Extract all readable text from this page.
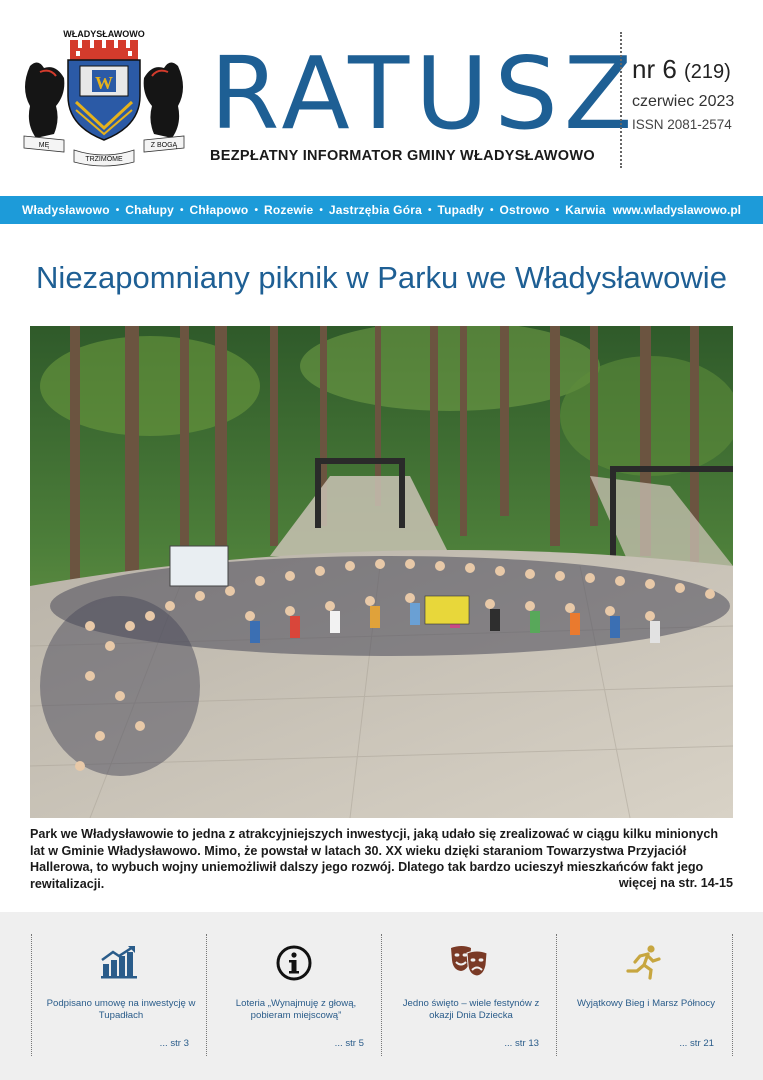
WŁADYSŁAWOWO
W
MĘ	Z BOGĄ
TRZIMÓME
RATUSZ
BEZPŁATNY INFORMATOR GMINY WŁADYSŁAWOWO
nr 6 (219)
czerwiec 2023
ISSN 2081-2574
Władysławowo • Chałupy • Chłapowo • Rozewie • Jastrzębia Góra • Tupadły • Ostrowo • Karwia www.wladyslawowo.pl
Niezapomniany piknik w Parku we Władysławowie

Park we Władysławowie to jedna z atrakcyjniejszych inwestycji, jaką udało się zrealizować w ciągu kilku minionych lat w Gminie Władysławowo. Mimo, że powstał w latach 30. XX wieku dzięki staraniom Towarzystwa Przyjaciół Hallerowa, to wybuch wojny uniemożliwił dalszy jego rozwój. Dlatego tak bardzo ucieszył mieszkańców fakt jego rewitalizacji.	więcej na str. 14-15
Podpisano umowę na inwestycję w Tupadłach
... str 3
Loteria „Wynajmuję z głową, pobieram miejscową”
... str 5
Jedno święto – wiele festynów z okazji Dnia Dziecka
... str 13
Wyjątkowy Bieg i Marsz Północy
... str 21
